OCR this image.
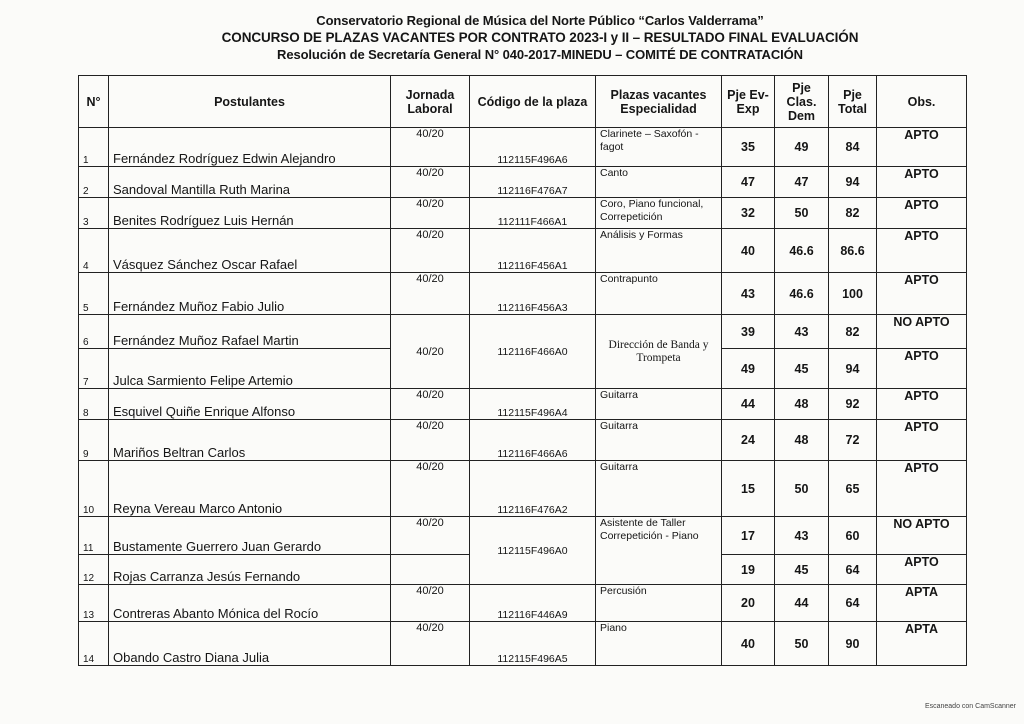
Conservatorio Regional de Música del Norte Público “Carlos Valderrama”
CONCURSO DE PLAZAS VACANTES POR CONTRATO 2023-I y II – RESULTADO FINAL EVALUACIÓN
Resolución de Secretaría General N° 040-2017-MINEDU – COMITÉ DE CONTRATACIÓN
N°	Postulantes	Jornada Laboral	Código de la plaza	Plazas vacantes Especialidad	Pje Ev-Exp	Pje Clas. Dem	Pje Total	Obs.
1	Fernández Rodríguez Edwin Alejandro	40/20	112115F496A6	Clarinete – Saxofón - fagot	35	49	84	APTO
2	Sandoval Mantilla Ruth Marina	40/20	112116F476A7	Canto	47	47	94	APTO
3	Benites Rodríguez Luis Hernán	40/20	112111F466A1	Coro, Piano funcional, Correpetición	32	50	82	APTO
4	Vásquez Sánchez Oscar Rafael	40/20	112116F456A1	Análisis y Formas	40	46.6	86.6	APTO
5	Fernández Muñoz Fabio Julio	40/20	112116F456A3	Contrapunto	43	46.6	100	APTO
6	Fernández Muñoz Rafael Martin	40/20	112116F466A0	Dirección de Banda y Trompeta	39	43	82	NO APTO
7	Julca Sarmiento Felipe Artemio				49	45	94	APTO
8	Esquivel Quiñe Enrique Alfonso	40/20	112115F496A4	Guitarra	44	48	92	APTO
9	Mariños Beltran Carlos	40/20	112116F466A6	Guitarra	24	48	72	APTO
10	Reyna Vereau Marco Antonio	40/20	112116F476A2	Guitarra	15	50	65	APTO
11	Bustamente Guerrero Juan Gerardo	40/20	112115F496A0	Asistente de Taller Correpetición - Piano	17	43	60	NO APTO
12	Rojas Carranza Jesús Fernando				19	45	64	APTO
13	Contreras Abanto Mónica del Rocío	40/20	112116F446A9	Percusión	20	44	64	APTA
14	Obando Castro Diana Julia	40/20	112115F496A5	Piano	40	50	90	APTA
Escaneado con CamScanner
